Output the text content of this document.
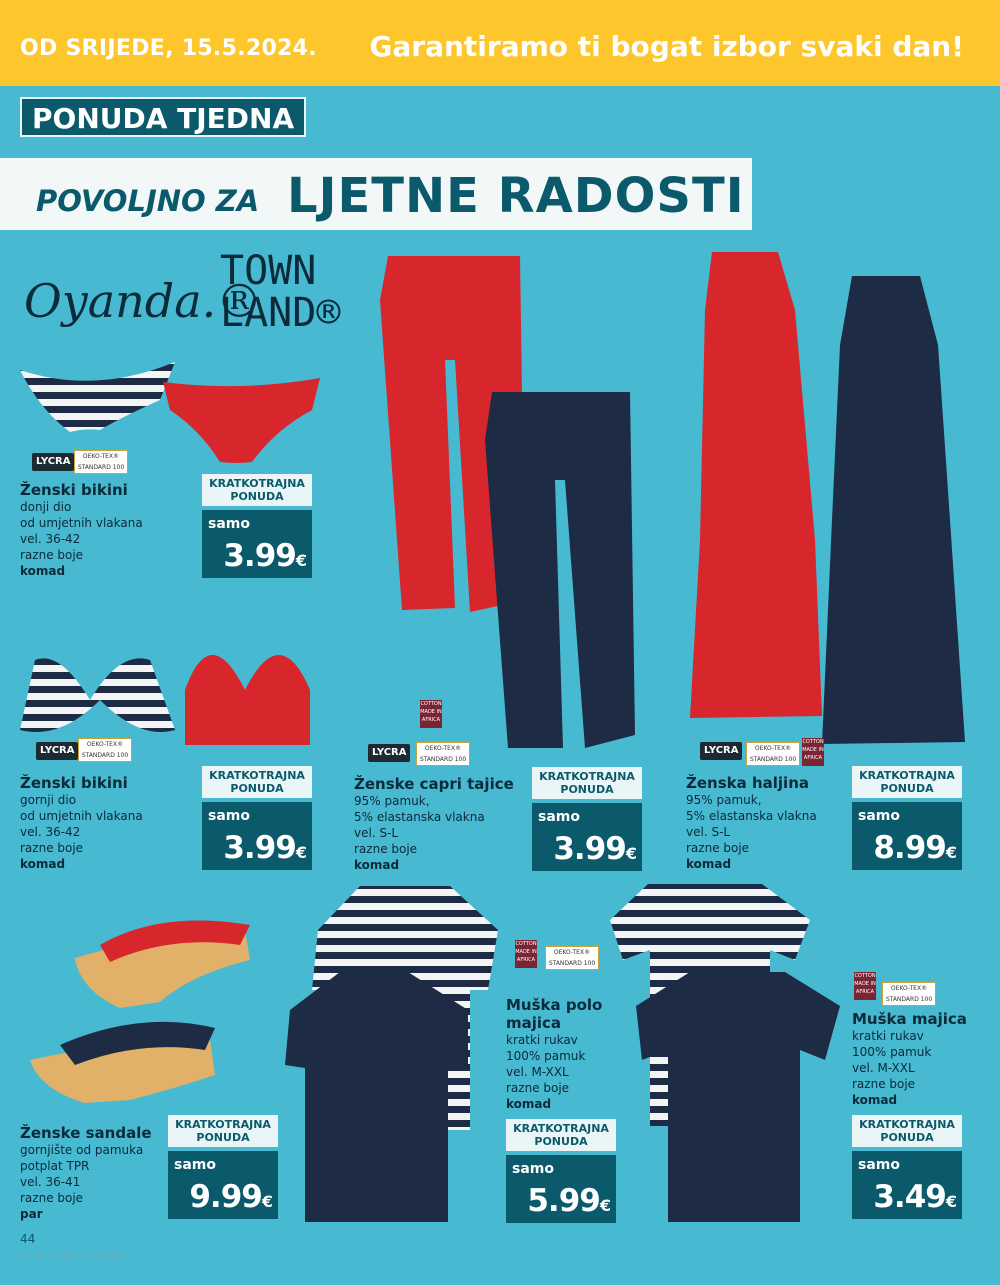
OD SRIJEDE, 15.5.2024. Garantiramo ti bogat izbor svaki dan!
PONUDA TJEDNA
POVOLJNO ZA LJETNE RADOSTI
Oyanda.®
TOWN
LAND®
LYCRA	OEKO-TEX® STANDARD 100
LYCRA
OEKO-TEX® STANDARD 100	LYCRA	OEKO-TEX® STANDARD 100
COTTON MADE IN AFRICA
LYCRA	OEKO-TEX® STANDARD 100
COTTON MADE IN AFRICA
COTTON MADE IN AFRICA
OEKO-TEX® STANDARD 100
COTTON MADE IN AFRICA	OEKO-TEX® STANDARD 100
Ženski bikini
donji dio
od umjetnih vlakana
vel. 36-42
razne boje
komad
KRATKOTRAJNA PONUDA
samo
3.99€
Ženski bikini
gornji dio
od umjetnih vlakana
vel. 36-42
razne boje
komad
KRATKOTRAJNA PONUDA
samo
3.99€
Ženske capri tajice
95% pamuk,
5% elastanska vlakna
vel. S-L
razne boje
komad
KRATKOTRAJNA PONUDA
samo
3.99€
Ženska haljina
95% pamuk,
5% elastanska vlakna
vel. S-L
razne boje
komad
KRATKOTRAJNA PONUDA
samo
8.99€
Ženske sandale
gornjište od pamuka
potplat TPR
vel. 36-41
razne boje
par
KRATKOTRAJNA PONUDA
samo
9.99€
Muška polo
majica
kratki rukav
100% pamuk
vel. M-XXL
razne boje
komad
KRATKOTRAJNA PONUDA
samo
5.99€
Muška majica
kratki rukav
100% pamuk
vel. M-XXL
razne boje
komad
KRATKOTRAJNA PONUDA
samo
3.49€
44
Ponuda vrijedi do isteka zaliha.
